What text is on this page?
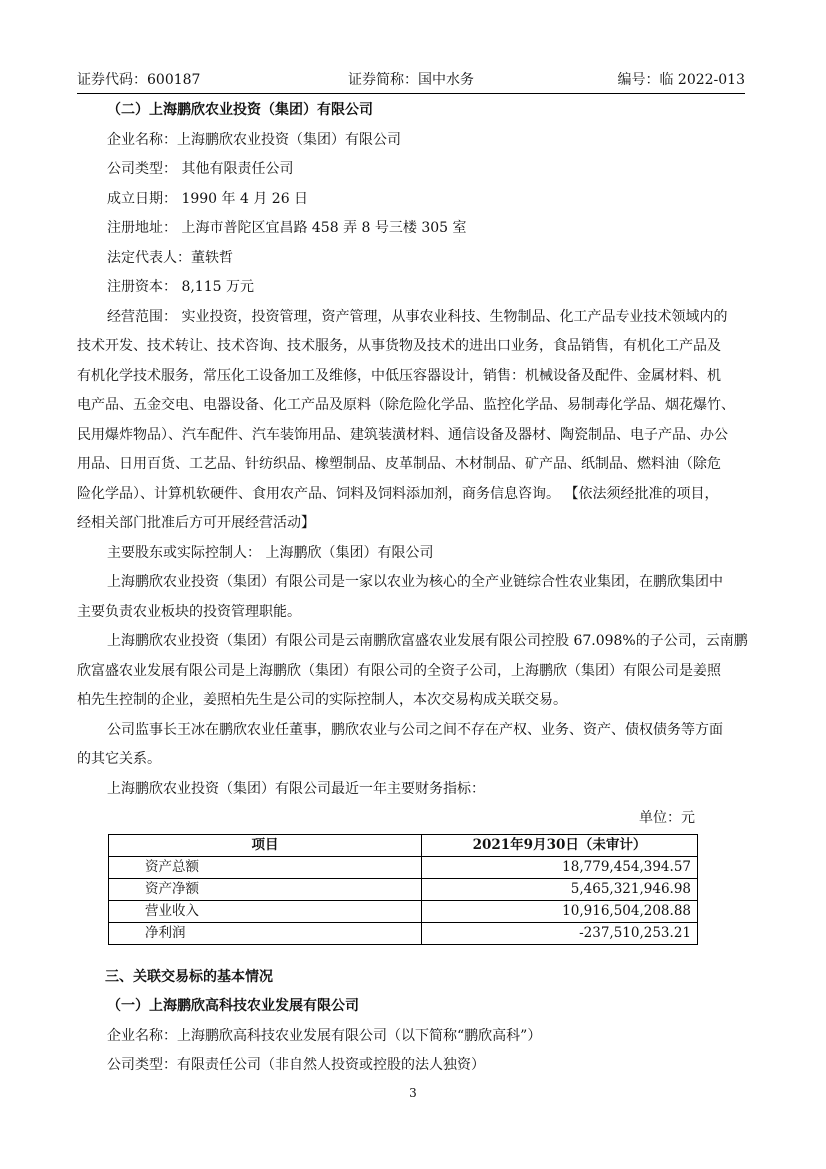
证券代码：600187	证券简称：国中水务	编号：临 2022-013
（二）上海鹏欣农业投资（集团）有限公司
企业名称：上海鹏欣农业投资（集团）有限公司
公司类型： 其他有限责任公司
成立日期： 1990 年 4 月 26 日
注册地址： 上海市普陀区宜昌路 458 弄 8 号三楼 305 室
法定代表人：董轶哲
注册资本： 8,115 万元
经营范围： 实业投资，投资管理，资产管理，从事农业科技、生物制品、化工产品专业技术领域内的
技术开发、技术转让、技术咨询、技术服务，从事货物及技术的进出口业务，食品销售，有机化工产品及
有机化学技术服务，常压化工设备加工及维修，中低压容器设计，销售：机械设备及配件、金属材料、机
电产品、五金交电、电器设备、化工产品及原料（除危险化学品、监控化学品、易制毒化学品、烟花爆竹、
民用爆炸物品）、汽车配件、汽车装饰用品、建筑装潢材料、通信设备及器材、陶瓷制品、电子产品、办公
用品、日用百货、工艺品、针纺织品、橡塑制品、皮革制品、木材制品、矿产品、纸制品、燃料油（除危
险化学品）、计算机软硬件、食用农产品、饲料及饲料添加剂，商务信息咨询。 【依法须经批准的项目，
经相关部门批准后方可开展经营活动】
主要股东或实际控制人： 上海鹏欣（集团）有限公司
上海鹏欣农业投资（集团）有限公司是一家以农业为核心的全产业链综合性农业集团，在鹏欣集团中
主要负责农业板块的投资管理职能。
上海鹏欣农业投资（集团）有限公司是云南鹏欣富盛农业发展有限公司控股 67.098%的子公司，云南鹏
欣富盛农业发展有限公司是上海鹏欣（集团）有限公司的全资子公司，上海鹏欣（集团）有限公司是姜照
柏先生控制的企业，姜照柏先生是公司的实际控制人，本次交易构成关联交易。
公司监事长王冰在鹏欣农业任董事，鹏欣农业与公司之间不存在产权、业务、资产、债权债务等方面
的其它关系。
上海鹏欣农业投资（集团）有限公司最近一年主要财务指标：
单位：元
项目	2021年9月30日（未审计）
资产总额	18,779,454,394.57
资产净额	5,465,321,946.98
营业收入	10,916,504,208.88
净利润	-237,510,253.21
三、关联交易标的基本情况
（一）上海鹏欣高科技农业发展有限公司
企业名称：上海鹏欣高科技农业发展有限公司（以下简称“鹏欣高科”）
公司类型：有限责任公司（非自然人投资或控股的法人独资）
3
